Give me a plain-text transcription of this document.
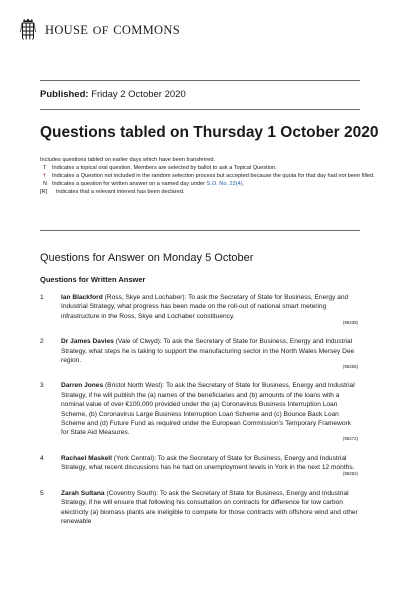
HOUSE OF COMMONS
Published: Friday 2 October 2020
Questions tabled on Thursday 1 October 2020
Includes questions tabled on earlier days which have been transferred.
T Indicates a topical oral question. Members are selected by ballot to ask a Topical Question.
†	Indicates a Question not included in the random selection process but accepted because the quota for that day had not been filled.
N Indicates a question for written answer on a named day under S.O. No. 22(4).
[R]	Indicates that a relevant interest has been declared.
Questions for Answer on Monday 5 October
Questions for Written Answer
1	Ian Blackford (Ross, Skye and Lochaber): To ask the Secretary of State for Business, Energy and Industrial Strategy, what progress has been made on the roll-out of national smart metering infrastructure in the Ross, Skye and Lochaber constituency.
(98238)
2	Dr James Davies (Vale of Clwyd): To ask the Secretary of State for Business, Energy and Industrial Strategy, what steps he is taking to support the manufacturing sector in the North Wales Mersey Dee region.
(98255)
3	Darren Jones (Bristol North West): To ask the Secretary of State for Business, Energy and Industrial Strategy, if he will publish the (a) names of the beneficiaries and (b) amounts of the loans with a nominal value of over €100,000 provided under the (a) Coronavirus Business Interruption Loan Scheme, (b) Coronavirus Large Business Interruption Loan Scheme and (c) Bounce Back Loan Scheme and (d) Future Fund as required under the European Commission’s Temporary Framework for State Aid Measures.
(98272)
4	Rachael Maskell (York Central): To ask the Secretary of State for Business, Energy and Industrial Strategy, what recent discussions has he had on unemployment levels in York in the next 12 months.
(98252)
5	Zarah Sultana (Coventry South): To ask the Secretary of State for Business, Energy and Industrial Strategy, if he will ensure that following his consultation on contracts for difference for low carbon electricity (a) biomass plants are ineligible to compete for those contracts with offshore wind and other renewable
